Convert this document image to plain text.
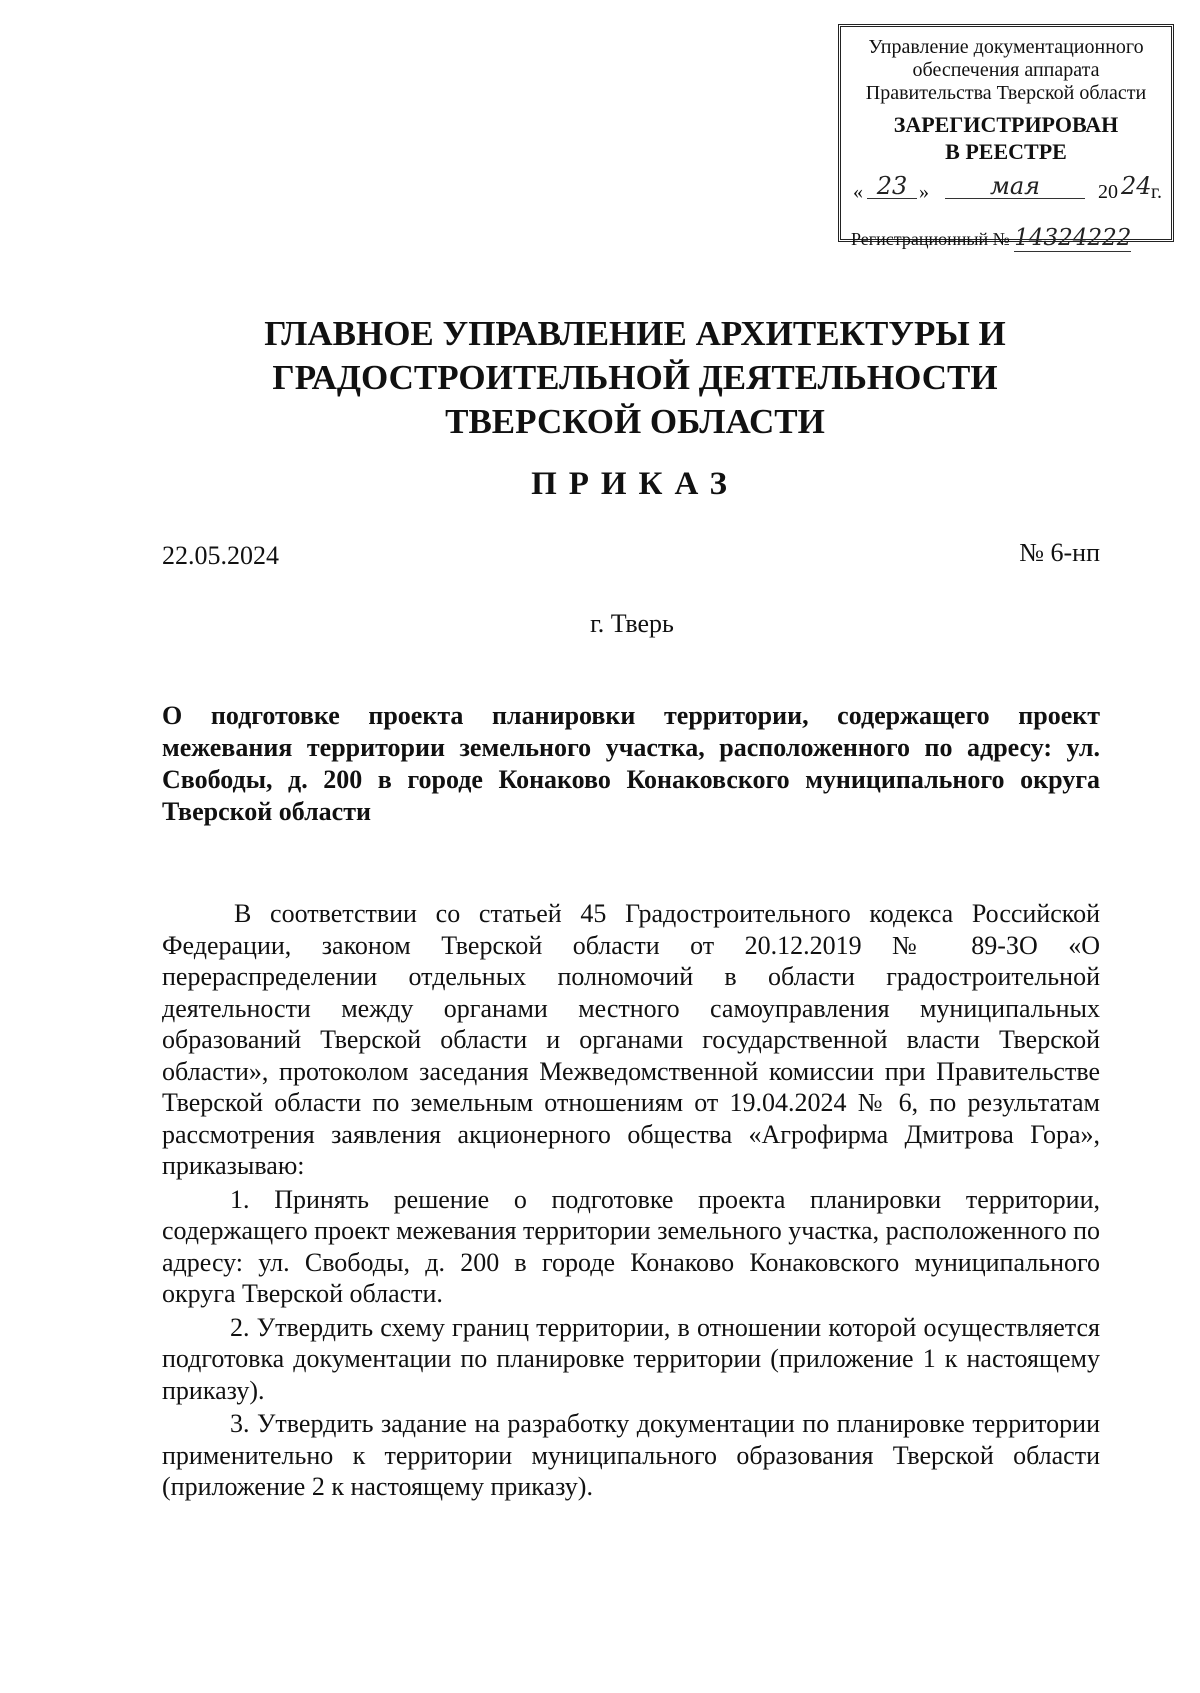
Управление документационного
обеспечения аппарата
Правительства Тверской области
ЗАРЕГИСТРИРОВАН
В РЕЕСТРЕ
« 23 »	мая	20 24 г.
Регистрационный № 14324222
ГЛАВНОЕ УПРАВЛЕНИЕ АРХИТЕКТУРЫ И
ГРАДОСТРОИТЕЛЬНОЙ ДЕЯТЕЛЬНОСТИ
ТВЕРСКОЙ ОБЛАСТИ
ПРИКАЗ
22.05.2024	№ 6-нп
г. Тверь
О подготовке проекта планировки территории, содержащего проект межевания территории земельного участка, расположенного по адресу: ул. Свободы, д. 200 в городе Конаково Конаковского муниципального округа Тверской области

В соответствии со статьей 45 Градостроительного кодекса Российской Федерации, законом Тверской области от 20.12.2019 № 89-ЗО «О перераспределении отдельных полномочий в области градостроительной деятельности между органами местного самоуправления муниципальных образований Тверской области и органами государственной власти Тверской области», протоколом заседания Межведомственной комиссии при Правительстве Тверской области по земельным отношениям от 19.04.2024 № 6, по результатам рассмотрения заявления акционерного общества «Агрофирма Дмитрова Гора», приказываю:

1. Принять решение о подготовке проекта планировки территории, содержащего проект межевания территории земельного участка, расположенного по адресу: ул. Свободы, д. 200 в городе Конаково Конаковского муниципального округа Тверской области.

2. Утвердить схему границ территории, в отношении которой осуществляется подготовка документации по планировке территории (приложение 1 к настоящему приказу).

3. Утвердить задание на разработку документации по планировке территории применительно к территории муниципального образования Тверской области (приложение 2 к настоящему приказу).
